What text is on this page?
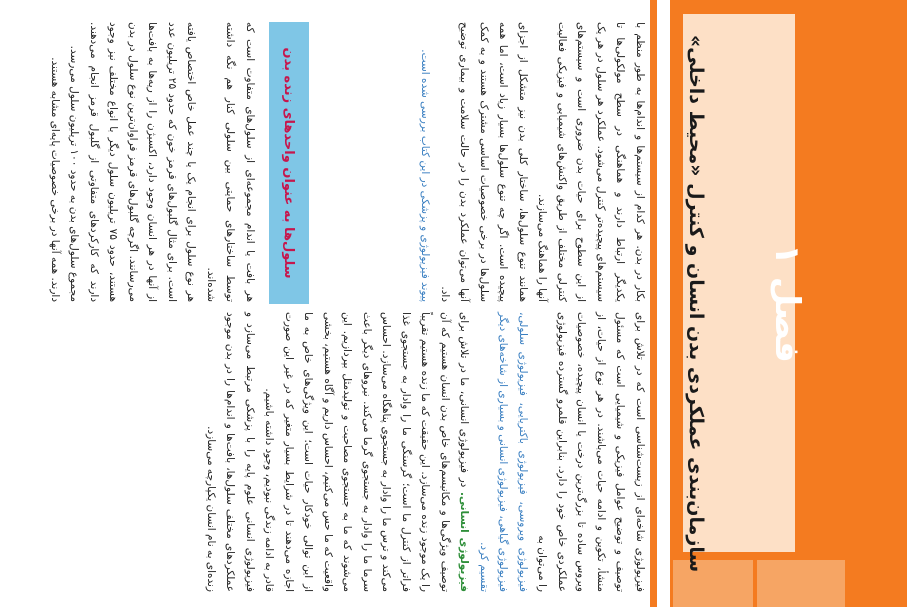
فصل ۱
سازمان‌بندی عملکردی بدن انسان و کنترل «محیط داخلی»

فیزیولوژی شاخه‌ای از زیست‌شناسی است که در تلاش برای توصیف و توضیح عوامل فیزیکی و شیمیایی است که مسئول منشأ، تکوین و ادامه حیات می‌باشند. در هر نوع از حیات، از ویروس ساده تا بزرگ‌ترین درخت یا انسان پیچیده، خصوصیات عملکردی خاص خود را دارد. بنابراین قلمرو گسترده فیزیولوژی را می‌توان به

فیزیولوژی ویروسی، فیزیولوژی باکتریایی، فیزیولوژی سلولی، فیزیولوژی گیاهی، فیزیولوژی انسانی و بسیاری از شاخه‌های دیگر تقسیم کرد.

فیزیولوژی انسانی. در فیزیولوژی انسانی، ما در تلاش برای توصیف ویژگی‌ها و مکانیسم‌های خاص بدن انسان هستیم که آن را یک موجود زنده می‌سازد. این حقیقت که ما زنده هستیم تقریباً فراتر از کنترل ما است؛ گرسنگی ما را وادار به جستجوی غذا می‌کند و ترس ما را وادار به جستجوی پناهگاه می‌سازد. احساس سرما ما را وادار به جستجوی گرما می‌کند. نیروهای دیگر باعث می‌شوند که ما به جستجوی مصاحبت و تولیدمثل بپردازیم. این واقعیت که ما حس می‌کنیم، احساس داریم و آگاه هستیم، بخشی از این توالی خودکار حیات است؛ این ویژگی‌های خاص به ما اجازه می‌دهند تا در شرایط بسیار متغیر که در غیر این صورت قادر به ادامه زندگی نبودیم، وجود داشته باشیم.

فیزیولوژی انسانی علوم پایه را با پزشکی مرتبط می‌سازد و عملکردهای مختلف سلول‌ها، بافت‌ها و اندام‌ها را در بدن موجود زنده‌ای به نام انسان یکپارچه می‌سازد.

بکار در بدن. هر کدام از سیستم‌ها و اندام‌ها به طور منظم با یکدیگر ارتباط دارند و هماهنگی در سطح مولکولی‌ها تا سیستم‌های پیچیده‌تر کنترل می‌شود. عملکرد هر سلول در هر یک از این سطوح برای حیات بدن ضروری است و سیستم‌های کنترلی مختلف از طریق واکنش‌های شیمیایی و فیزیکی فعالیت آنها را هماهنگ می‌سازند.

همانند تنوع سلول‌ها، ساختار کلی بدن نیز متشکل از اجزای پیچیده است. اگر چه تنوع سلول‌ها بسیار زیاد است، اما همه سلول‌ها در برخی خصوصیات اساسی مشترک هستند و به کمک آنها می‌توان عملکرد بدن را در حالت سلامت و بیماری توضیح داد.

پیوند فیزیولوژی و پزشکی در این کتاب بررسی شده است.

سلول‌ها به عنوان واحدهای زنده بدن

هر بافت یا اندام مجموعه‌ای از سلول‌های متفاوت است که توسط ساختارهای حمایتی بین سلولی کنار هم نگه داشته شده‌اند.

هر نوع سلول برای انجام یک یا چند عمل خاص اختصاص یافته است. برای مثال گلبول‌های قرمز خون که حدود ۲۵ تریلیون عدد از آنها در هر انسان وجود دارد، اکسیژن را از ریه‌ها به بافت‌ها می‌رسانند. اگرچه گلبول‌های قرمز فراوان‌ترین نوع سلول در بدن هستند، حدود ۷۵ تریلیون سلول دیگر با انواع مختلف نیز وجود دارند که کارکردهای متفاوتی از گلبول قرمز انجام می‌دهند. مجموع سلول‌های بدن به حدود ۱۰۰ تریلیون سلول می‌رسد.

دارند. همه آنها در برخی خصوصیات پایه‌ای مشابه هستند.
